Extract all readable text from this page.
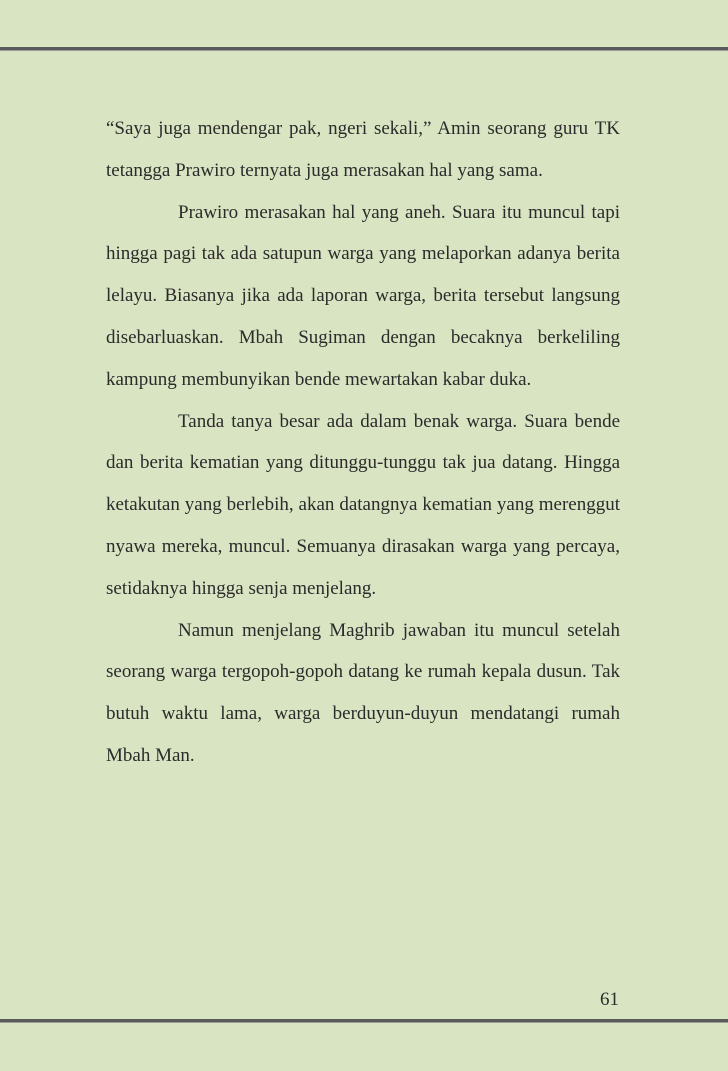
“Saya juga mendengar pak, ngeri sekali,” Amin seorang guru TK tetangga Prawiro ternyata juga merasakan hal yang sama.

Prawiro merasakan hal yang aneh. Suara itu muncul tapi hingga pagi tak ada satupun warga yang melaporkan adanya berita lelayu. Biasanya jika ada laporan warga, berita tersebut langsung disebarluaskan. Mbah Sugiman dengan becaknya berkeliling kampung membunyikan bende mewartakan kabar duka.

Tanda tanya besar ada dalam benak warga. Suara bende dan berita kematian yang ditunggu-tunggu tak jua datang. Hingga ketakutan yang berlebih, akan datangnya kematian yang merenggut nyawa mereka, muncul. Semuanya dirasakan warga yang percaya, setidaknya hingga senja menjelang.

Namun menjelang Maghrib jawaban itu muncul setelah seorang warga tergopoh-gopoh datang ke rumah kepala dusun. Tak butuh waktu lama, warga berduyun-duyun mendatangi rumah Mbah Man.

61
